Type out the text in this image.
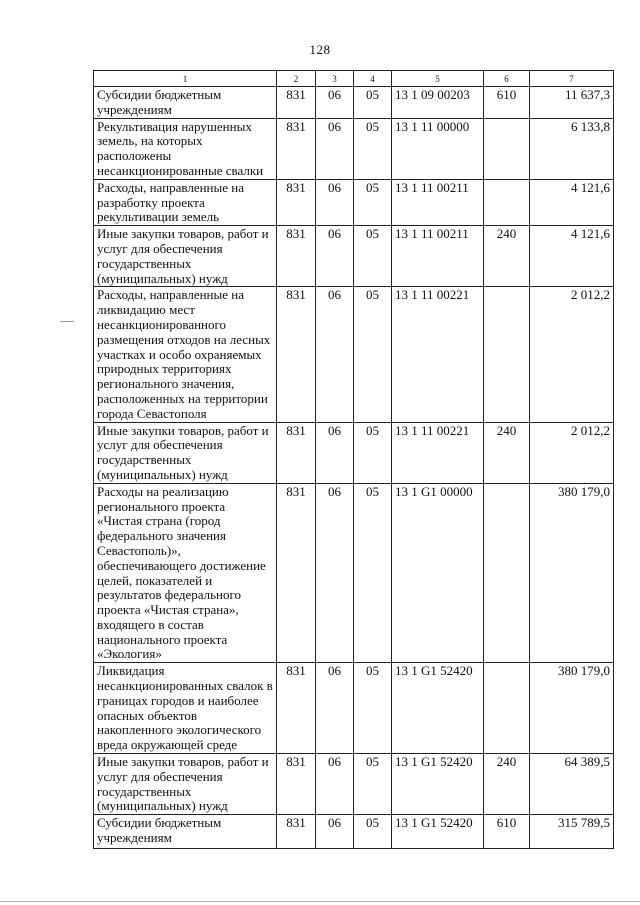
128
1	2	3	4	5	6	7
Субсидии бюджетным учреждениям	831	06	05	13 1 09 00203	610	11 637,3
Рекультивация нарушенных земель, на которых расположены несанкционированные свалки	831	06	05	13 1 11 00000		6 133,8
Расходы, направленные на разработку проекта рекультивации земель	831	06	05	13 1 11 00211		4 121,6
Иные закупки товаров, работ и услуг для обеспечения государственных (муниципальных) нужд	831	06	05	13 1 11 00211	240	4 121,6
Расходы, направленные на ликвидацию мест несанкционированного размещения отходов на лесных участках и особо охраняемых природных территориях регионального значения, расположенных на территории города Севастополя	831	06	05	13 1 11 00221		2 012,2
Иные закупки товаров, работ и услуг для обеспечения государственных (муниципальных) нужд	831	06	05	13 1 11 00221	240	2 012,2
Расходы на реализацию регионального проекта «Чистая страна (город федерального значения Севастополь)», обеспечивающего достижение целей, показателей и результатов федерального проекта «Чистая страна», входящего в состав национального проекта «Экология»	831	06	05	13 1 G1 00000		380 179,0
Ликвидация несанкционированных свалок в границах городов и наиболее опасных объектов накопленного экологического вреда окружающей среде	831	06	05	13 1 G1 52420		380 179,0
Иные закупки товаров, работ и услуг для обеспечения государственных (муниципальных) нужд	831	06	05	13 1 G1 52420	240	64 389,5
Субсидии бюджетным учреждениям	831	06	05	13 1 G1 52420	610	315 789,5
